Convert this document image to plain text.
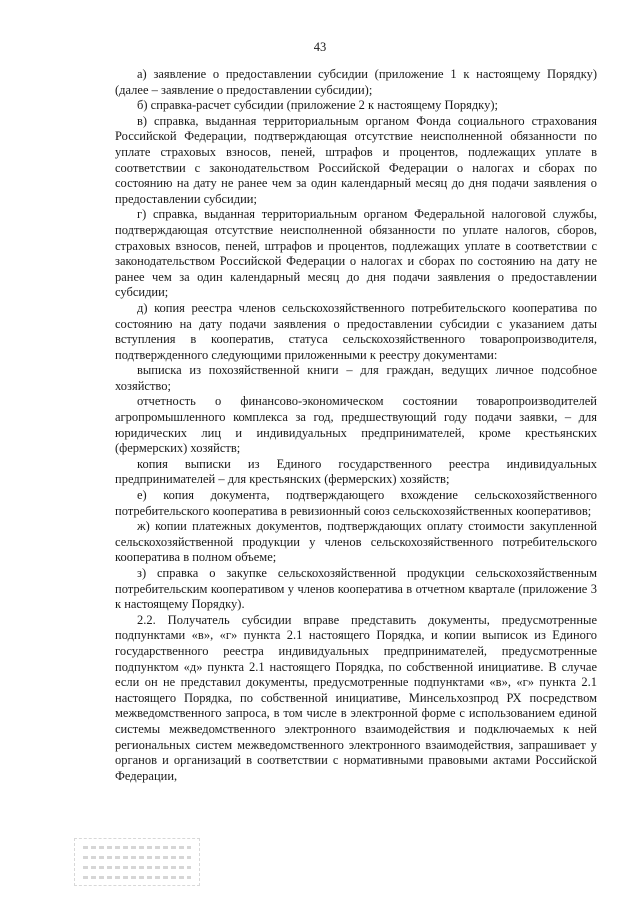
43

а) заявление о предоставлении субсидии (приложение 1 к настоящему Порядку) (далее – заявление о предоставлении субсидии);

б) справка-расчет субсидии (приложение 2 к настоящему Порядку);

в) справка, выданная территориальным органом Фонда социального страхования Российской Федерации, подтверждающая отсутствие неисполненной обязанности по уплате страховых взносов, пеней, штрафов и процентов, подлежащих уплате в соответствии с законодательством Российской Федерации о налогах и сборах по состоянию на дату не ранее чем за один календарный месяц до дня подачи заявления о предоставлении субсидии;

г) справка, выданная территориальным органом Федеральной налоговой службы, подтверждающая отсутствие неисполненной обязанности по уплате налогов, сборов, страховых взносов, пеней, штрафов и процентов, подлежащих уплате в соответствии с законодательством Российской Федерации о налогах и сборах по состоянию на дату не ранее чем за один календарный месяц до дня подачи заявления о предоставлении субсидии;

д) копия реестра членов сельскохозяйственного потребительского кооператива по состоянию на дату подачи заявления о предоставлении субсидии с указанием даты вступления в кооператив, статуса сельскохозяйственного товаропроизводителя, подтвержденного следующими приложенными к реестру документами:

выписка из похозяйственной книги – для граждан, ведущих личное подсобное хозяйство;

отчетность о финансово-экономическом состоянии товаропроизводителей агропромышленного комплекса за год, предшествующий году подачи заявки, – для юридических лиц и индивидуальных предпринимателей, кроме крестьянских (фермерских) хозяйств;

копия выписки из Единого государственного реестра индивидуальных предпринимателей – для крестьянских (фермерских) хозяйств;

е) копия документа, подтверждающего вхождение сельскохозяйственного потребительского кооператива в ревизионный союз сельскохозяйственных кооперативов;

ж) копии платежных документов, подтверждающих оплату стоимости закупленной сельскохозяйственной продукции у членов сельскохозяйственного потребительского кооператива в полном объеме;

з) справка о закупке сельскохозяйственной продукции сельскохозяйственным потребительским кооперативом у членов кооператива в отчетном квартале (приложение 3 к настоящему Порядку).

2.2. Получатель субсидии вправе представить документы, предусмотренные подпунктами «в», «г» пункта 2.1 настоящего Порядка, и копии выписок из Единого государственного реестра индивидуальных предпринимателей, предусмотренные подпунктом «д» пункта 2.1 настоящего Порядка, по собственной инициативе. В случае если он не представил документы, предусмотренные подпунктами «в», «г» пункта 2.1 настоящего Порядка, по собственной инициативе, Минсельхозпрод РХ посредством межведомственного запроса, в том числе в электронной форме с использованием единой системы межведомственного электронного взаимодействия и подключаемых к ней региональных систем межведомственного электронного взаимодействия, запрашивает у органов и организаций в соответствии с нормативными правовыми актами Российской Федерации,
